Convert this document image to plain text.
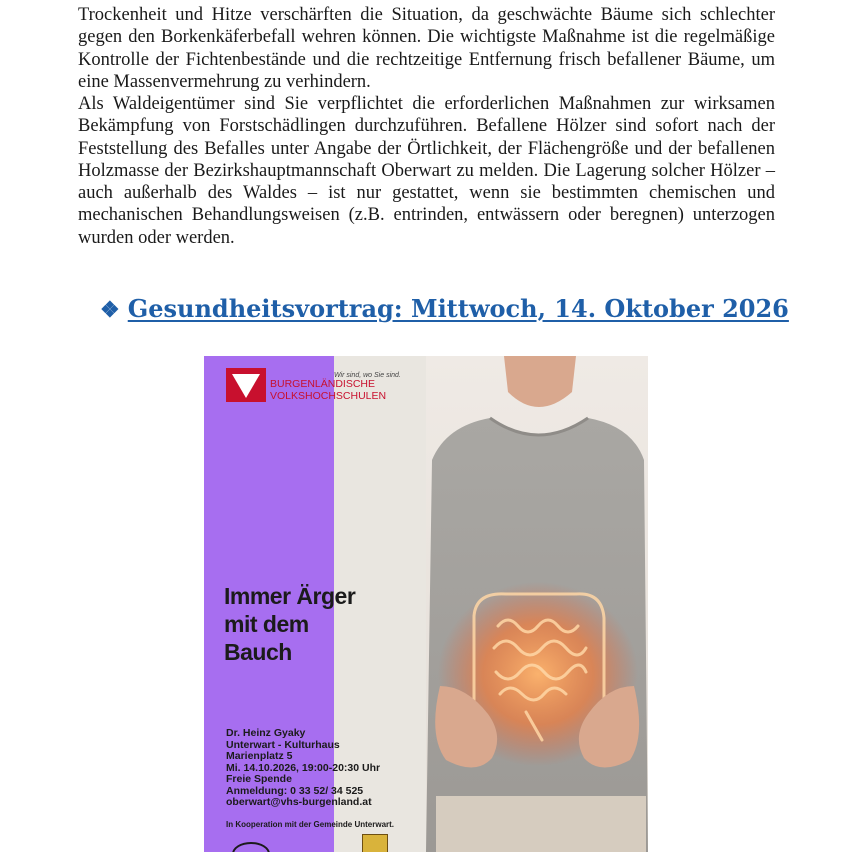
Trockenheit und Hitze verschärften die Situation, da geschwächte Bäume sich schlechter gegen den Borkenkäferbefall wehren können. Die wichtigste Maßnahme ist die regelmäßige Kontrolle der Fichtenbestände und die rechtzeitige Entfernung frisch befallener Bäume, um eine Massenvermehrung zu verhindern.

Als Waldeigentümer sind Sie verpflichtet die erforderlichen Maßnahmen zur wirksamen Bekämpfung von Forstschädlingen durchzuführen. Befallene Hölzer sind sofort nach der Feststellung des Befalles unter Angabe der Örtlichkeit, der Flächengröße und der befallenen Holzmasse der Bezirkshauptmannschaft Oberwart zu melden. Die Lagerung solcher Hölzer – auch außerhalb des Waldes – ist nur gestattet, wenn sie bestimmten chemischen und mechanischen Behandlungsweisen (z.B. entrinden, entwässern oder beregnen) unterzogen wurden oder werden.

❖ Gesundheitsvortrag: Mittwoch, 14. Oktober 2026
BURGENLÄNDISCHE
VOLKSHOCHSCHULEN
Wir sind, wo Sie sind.
Immer Ärger
mit dem
Bauch
Dr. Heinz Gyaky
Unterwart - Kulturhaus
Marienplatz 5
Mi. 14.10.2026, 19:00-20:30 Uhr
Freie Spende
Anmeldung: 0 33 52/ 34 525
oberwart@vhs-burgenland.at
In Kooperation mit der Gemeinde Unterwart.
